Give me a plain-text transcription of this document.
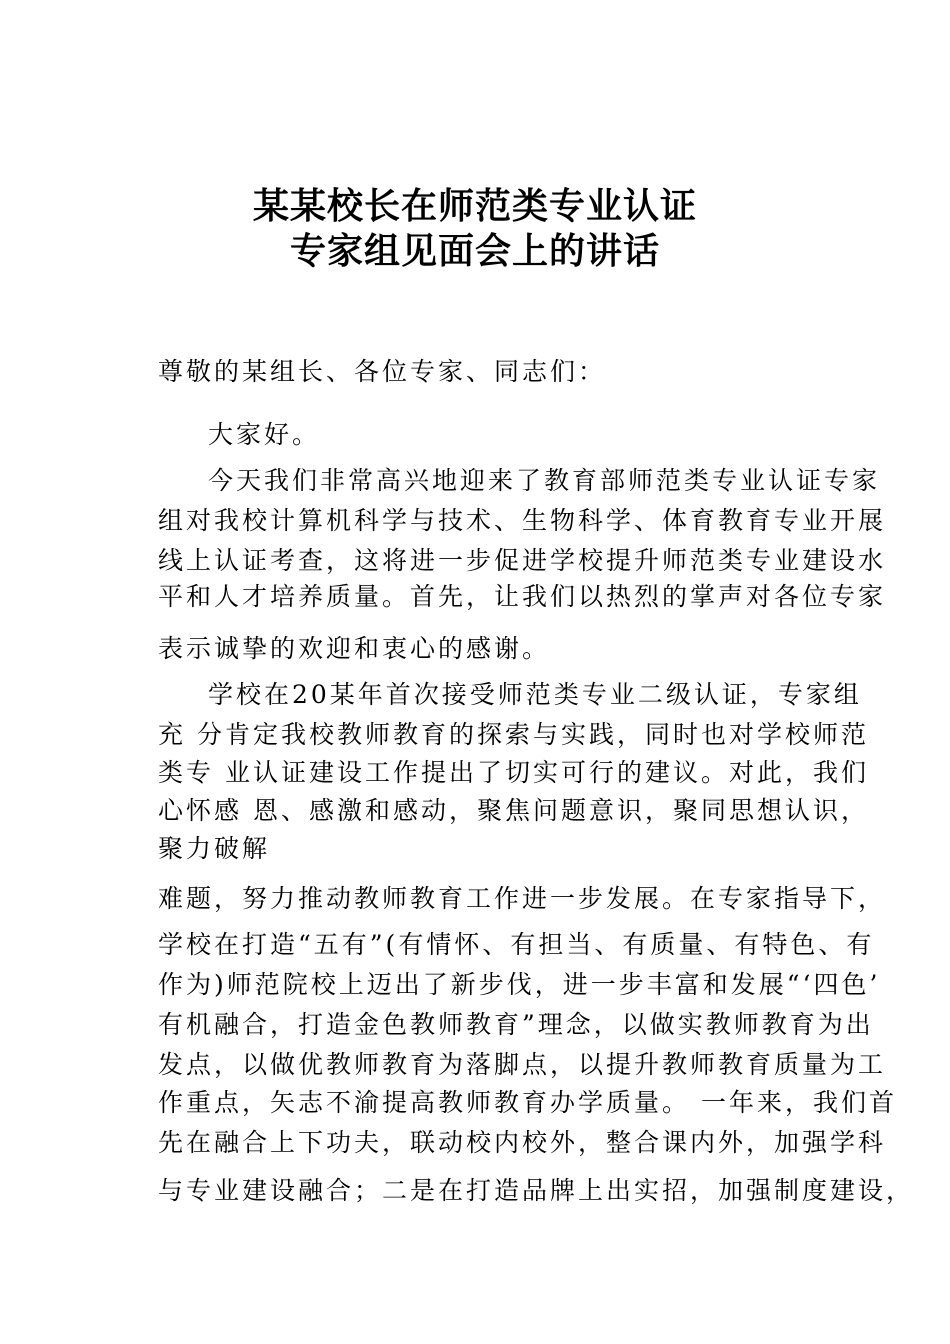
某某校长在师范类专业认证
专家组见面会上的讲话
尊敬的某组长、各位专家、同志们：
大家好。
今天我们非常高兴地迎来了教育部师范类专业认证专家
组对我校计算机科学与技术、生物科学、体育教育专业开展
线上认证考查，这将进一步促进学校提升师范类专业建设水
平和人才培养质量。首先，让我们以热烈的掌声对各位专家
表示诚挚的欢迎和衷心的感谢。
学校在20某年首次接受师范类专业二级认证，专家组
充 分肯定我校教师教育的探索与实践，同时也对学校师范
类专 业认证建设工作提出了切实可行的建议。对此，我们
心怀感 恩、感激和感动，聚焦问题意识，聚同思想认识，
聚力破解
难题，努力推动教师教育工作进一步发展。在专家指导下，
学校在打造“五有”(有情怀、有担当、有质量、有特色、有
作为)师范院校上迈出了新步伐，进一步丰富和发展“‘四色’
有机融合，打造金色教师教育”理念，以做实教师教育为出
发点，以做优教师教育为落脚点，以提升教师教育质量为工
作重点，矢志不渝提高教师教育办学质量。 一年来，我们首
先在融合上下功夫，联动校内校外，整合课内外，加强学科
与专业建设融合；二是在打造品牌上出实招，加强制度建设，
